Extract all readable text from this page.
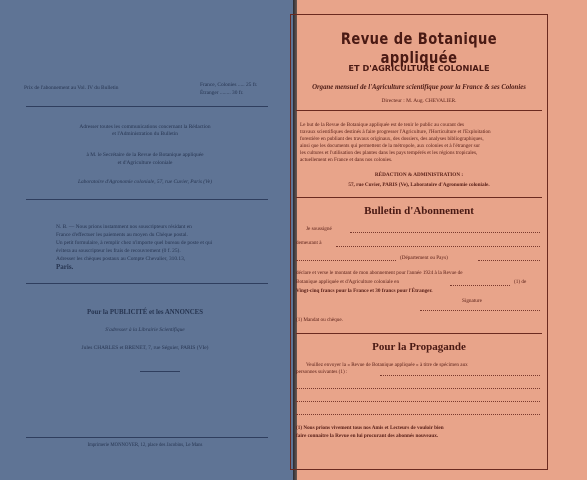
Prix de l'abonnement au Vol. IV du Bulletin	France, Colonies ..... 25 fr.
Étranger ........ 30 fr.
Adresser toutes les communications concernant la Rédaction
et l'Administration du Bulletin
à M. le Secrétaire de la Revue de Botanique appliquée
et d'Agriculture coloniale
Laboratoire d'Agronomie coloniale, 57, rue Cuvier, Paris (Ve)
N. B. — Nous prions instamment nos souscripteurs résidant en
France d'effectuer les paiements au moyen du Chèque postal.
Un petit formulaire, à remplir chez n'importe quel bureau de poste et qui
évitera au souscripteur les frais de recouvrement (0 f. 25).
Adresser les chèques postaux au Compte Chevalier, 310.13,
Paris.
Pour la PUBLICITÉ et les ANNONCES
S'adresser à la Librairie Scientifique
Jules CHARLES et BRENET, 7, rue Séguier, PARIS (VIe)
Imprimerie MONNOYER, 12, place des Jacobins, Le Mans
Revue de Botanique appliquée
ET D'AGRICULTURE COLONIALE
Organe mensuel de l'Agriculture scientifique pour la France & ses Colonies
Directeur : M. Aug. CHEVALIER.
Le but de la Revue de Botanique appliquée est de tenir le public au courant des
travaux scientifiques destinés à faire progresser l'Agriculture, l'Horticulture et l'Exploitation
forestière en publiant des travaux originaux, des dossiers, des analyses bibliographiques,
ainsi que les documents qui permettent de la métropole, aux colonies et à l'étranger sur
les cultures et l'utilisation des plantes dans les pays tempérés et les régions tropicales,
actuellement en France et dans nos colonies.
RÉDACTION & ADMINISTRATION :
57, rue Cuvier, PARIS (Ve), Laboratoire d'Agronomie coloniale.
Bulletin d'Abonnement
Je soussigné
demeurant à
(Département ou Pays)
déclare et verse le montant de mon abonnement pour l'année 1924 à la Revue de
Botanique appliquée et d'Agriculture coloniale en	(1) de
Vingt-cinq francs pour la France et 30 francs pour l'Étranger.
Signature
(1) Mandat ou chèque.
Pour la Propagande
Veuillez envoyer la « Revue de Botanique appliquée » à titre de spécimen aux
personnes suivantes (1) :
(1) Nous prions vivement tous nos Amis et Lecteurs de vouloir bien
faire connaître la Revue en lui procurant des abonnés nouveaux.
